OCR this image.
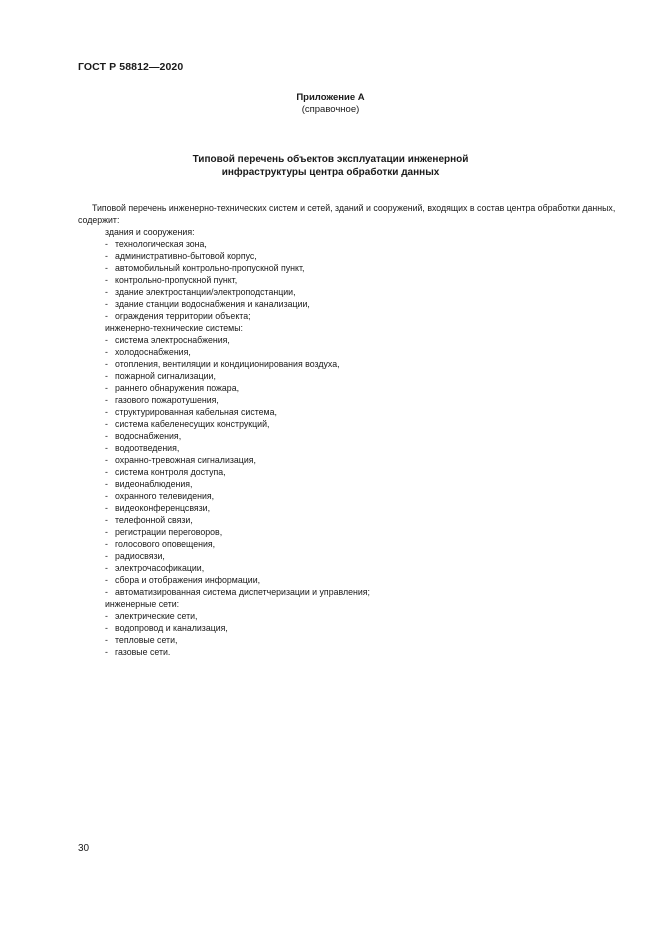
ГОСТ Р 58812—2020
Приложение А
(справочное)
Типовой перечень объектов эксплуатации инженерной
инфраструктуры центра обработки данных

Типовой перечень инженерно-технических систем и сетей, зданий и сооружений, входящих в состав центра обработки данных, содержит:

здания и сооружения:
- технологическая зона,
- административно-бытовой корпус,
- автомобильный контрольно-пропускной пункт,
- контрольно-пропускной пункт,
- здание электростанции/электроподстанции,
- здание станции водоснабжения и канализации,
- ограждения территории объекта;
инженерно-технические системы:
- система электроснабжения,
- холодоснабжения,
- отопления, вентиляции и кондиционирования воздуха,
- пожарной сигнализации,
- раннего обнаружения пожара,
- газового пожаротушения,
- структурированная кабельная система,
- система кабеленесущих конструкций,
- водоснабжения,
- водоотведения,
- охранно-тревожная сигнализация,
- система контроля доступа,
- видеонаблюдения,
- охранного телевидения,
- видеоконференцсвязи,
- телефонной связи,
- регистрации переговоров,
- голосового оповещения,
- радиосвязи,
- электрочасофикации,
- сбора и отображения информации,
- автоматизированная система диспетчеризации и управления;
инженерные сети:
- электрические сети,
- водопровод и канализация,
- тепловые сети,
- газовые сети.
30
